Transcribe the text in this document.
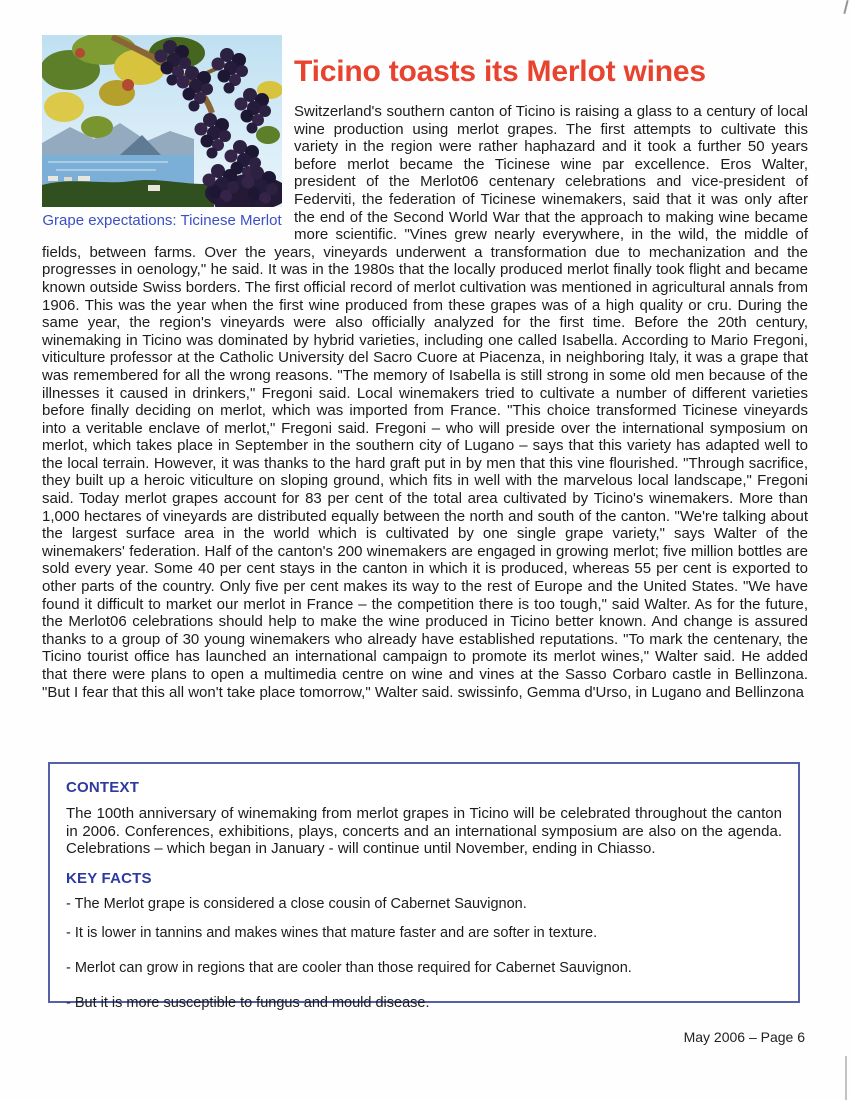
Grape expectations: Ticinese Merlot
Ticino toasts its Merlot wines

Switzerland's southern canton of Ticino is raising a glass to a century of local wine production using merlot grapes. The first attempts to cultivate this variety in the region were rather haphazard and it took a further 50 years before merlot became the Ticinese wine par excellence. Eros Walter, president of the Merlot06 centenary celebrations and vice-president of Federviti, the federation of Ticinese winemakers, said that it was only after the end of the Second World War that the approach to making wine became more scientific. "Vines grew nearly everywhere, in the wild, the middle of fields, between farms. Over the years, vineyards underwent a transformation due to mechanization and the progresses in oenology," he said. It was in the 1980s that the locally produced merlot finally took flight and became known outside Swiss borders. The first official record of merlot cultivation was mentioned in agricultural annals from 1906. This was the year when the first wine produced from these grapes was of a high quality or cru. During the same year, the region's vineyards were also officially analyzed for the first time. Before the 20th century, winemaking in Ticino was dominated by hybrid varieties, including one called Isabella. According to Mario Fregoni, viticulture professor at the Catholic University del Sacro Cuore at Piacenza, in neighboring Italy, it was a grape that was remembered for all the wrong reasons. "The memory of Isabella is still strong in some old men because of the illnesses it caused in drinkers," Fregoni said. Local winemakers tried to cultivate a number of different varieties before finally deciding on merlot, which was imported from France. "This choice transformed Ticinese vineyards into a veritable enclave of merlot," Fregoni said. Fregoni – who will preside over the international symposium on merlot, which takes place in September in the southern city of Lugano – says that this variety has adapted well to the local terrain. However, it was thanks to the hard graft put in by men that this vine flourished. "Through sacrifice, they built up a heroic viticulture on sloping ground, which fits in well with the marvelous local landscape," Fregoni said. Today merlot grapes account for 83 per cent of the total area cultivated by Ticino's winemakers. More than 1,000 hectares of vineyards are distributed equally between the north and south of the canton. "We're talking about the largest surface area in the world which is cultivated by one single grape variety," says Walter of the winemakers' federation. Half of the canton's 200 winemakers are engaged in growing merlot; five million bottles are sold every year. Some 40 per cent stays in the canton in which it is produced, whereas 55 per cent is exported to other parts of the country. Only five per cent makes its way to the rest of Europe and the United States. "We have found it difficult to market our merlot in France – the competition there is too tough," said Walter. As for the future, the Merlot06 celebrations should help to make the wine produced in Ticino better known. And change is assured thanks to a group of 30 young winemakers who already have established reputations. "To mark the centenary, the Ticino tourist office has launched an international campaign to promote its merlot wines," Walter said. He added that there were plans to open a multimedia centre on wine and vines at the Sasso Corbaro castle in Bellinzona. "But I fear that this all won't take place tomorrow," Walter said. swissinfo, Gemma d'Urso, in Lugano and Bellinzona

CONTEXT

The 100th anniversary of winemaking from merlot grapes in Ticino will be celebrated throughout the canton in 2006. Conferences, exhibitions, plays, concerts and an international symposium are also on the agenda. Celebrations – which began in January - will continue until November, ending in Chiasso.

KEY FACTS

- The Merlot grape is considered a close cousin of Cabernet Sauvignon.

- It is lower in tannins and makes wines that mature faster and are softer in texture.

- Merlot can grow in regions that are cooler than those required for Cabernet Sauvignon.

- But it is more susceptible to fungus and mould disease.

May 2006 – Page 6
